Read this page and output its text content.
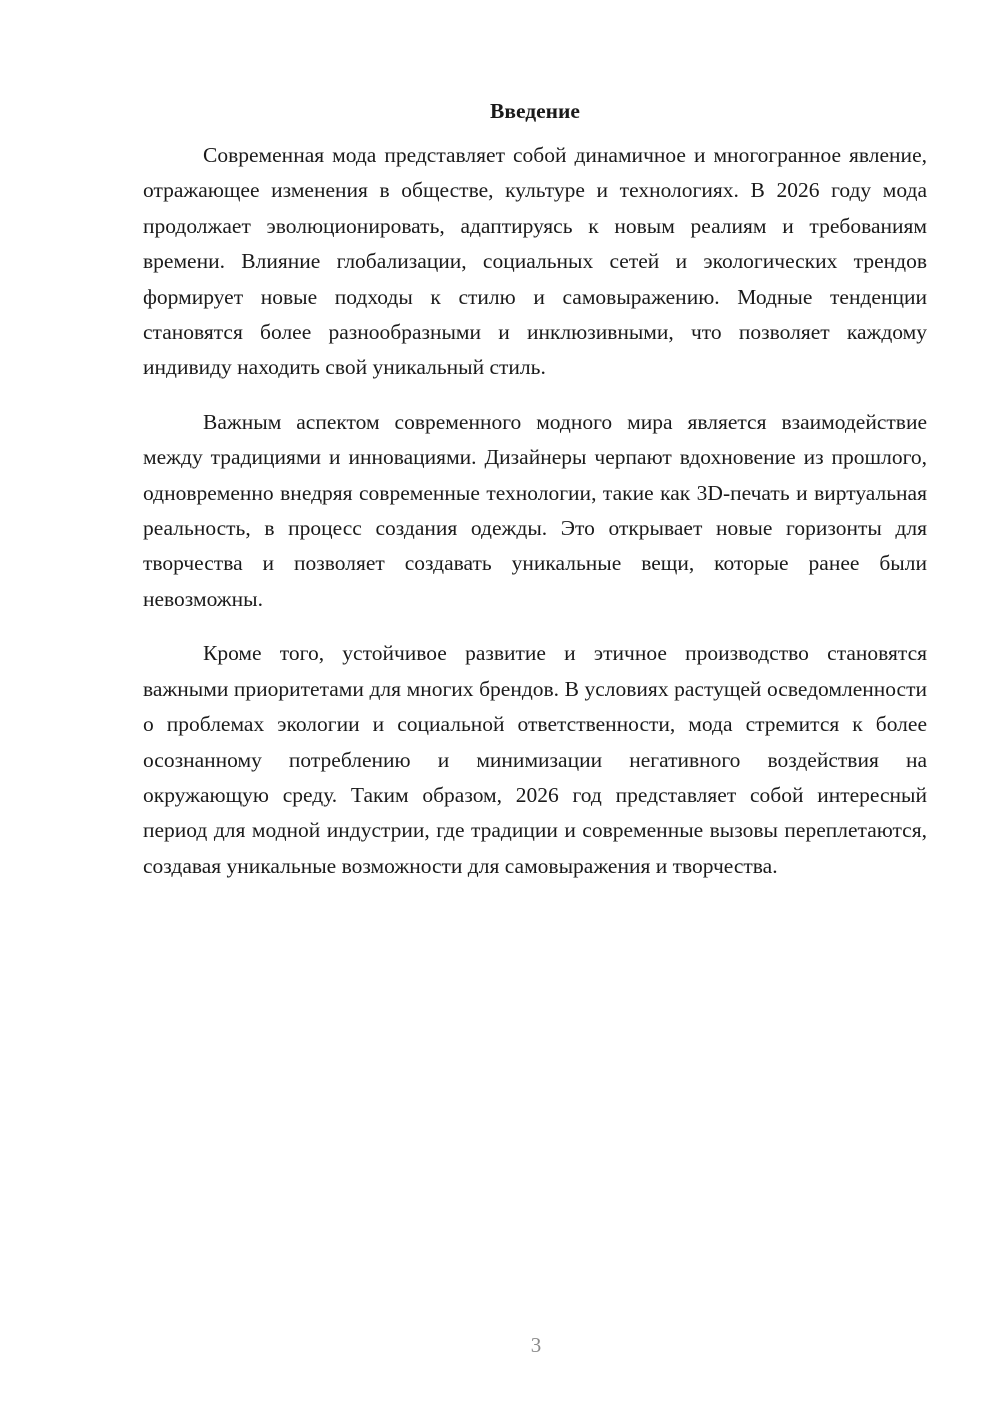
Введение

Современная мода представляет собой динамичное и многогранное явление, отражающее изменения в обществе, культуре и технологиях. В 2026 году мода продолжает эволюционировать, адаптируясь к новым реалиям и требованиям времени. Влияние глобализации, социальных сетей и экологических трендов формирует новые подходы к стилю и самовыражению. Модные тенденции становятся более разнообразными и инклюзивными, что позволяет каждому индивиду находить свой уникальный стиль.

Важным аспектом современного модного мира является взаимодействие между традициями и инновациями. Дизайнеры черпают вдохновение из прошлого, одновременно внедряя современные технологии, такие как 3D-печать и виртуальная реальность, в процесс создания одежды. Это открывает новые горизонты для творчества и позволяет создавать уникальные вещи, которые ранее были невозможны.

Кроме того, устойчивое развитие и этичное производство становятся важными приоритетами для многих брендов. В условиях растущей осведомленности о проблемах экологии и социальной ответственности, мода стремится к более осознанному потреблению и минимизации негативного воздействия на окружающую среду. Таким образом, 2026 год представляет собой интересный период для модной индустрии, где традиции и современные вызовы переплетаются, создавая уникальные возможности для самовыражения и творчества.

3
